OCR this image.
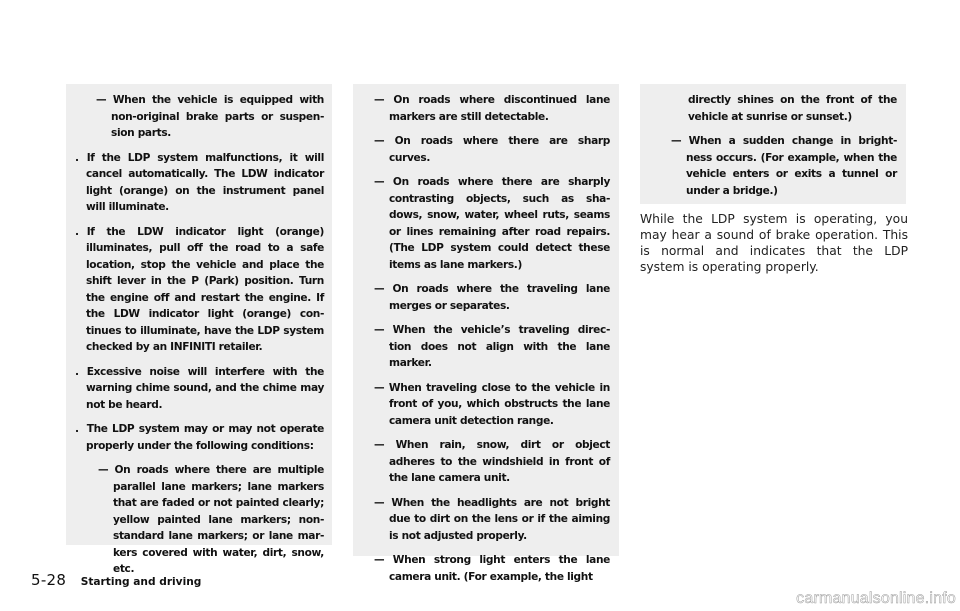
— When the vehicle is equipped with non-original brake parts or suspen- sion parts.

. If the LDP system malfunctions, it will cancel automatically. The LDW indicator light (orange) on the instrument panel will illuminate.

. If the LDW indicator light (orange) illuminates, pull off the road to a safe location, stop the vehicle and place the shift lever in the P (Park) position. Turn the engine off and restart the engine. If the LDW indicator light (orange) con- tinues to illuminate, have the LDP system checked by an INFINITI retailer.

. Excessive noise will interfere with the warning chime sound, and the chime may not be heard.

. The LDP system may or may not operate properly under the following conditions:

— On roads where there are multiple parallel lane markers; lane markers that are faded or not painted clearly; yellow painted lane markers; non- standard lane markers; or lane mar- kers covered with water, dirt, snow, etc.

— On roads where discontinued lane markers are still detectable.

— On roads where there are sharp curves.

— On roads where there are sharply contrasting objects, such as sha- dows, snow, water, wheel ruts, seams or lines remaining after road repairs. (The LDP system could detect these items as lane markers.)

— On roads where the traveling lane merges or separates.

— When the vehicle’s traveling direc- tion does not align with the lane marker.

— When traveling close to the vehicle in front of you, which obstructs the lane camera unit detection range.

— When rain, snow, dirt or object adheres to the windshield in front of the lane camera unit.

— When the headlights are not bright due to dirt on the lens or if the aiming is not adjusted properly.

— When strong light enters the lane camera unit. (For example, the light

directly shines on the front of the vehicle at sunrise or sunset.)

— When a sudden change in bright- ness occurs. (For example, when the vehicle enters or exits a tunnel or under a bridge.)

While the LDP system is operating, you may hear a sound of brake operation. This is normal and indicates that the LDP system is operating properly.

5-28 Starting and driving
carmanualsonline.info
